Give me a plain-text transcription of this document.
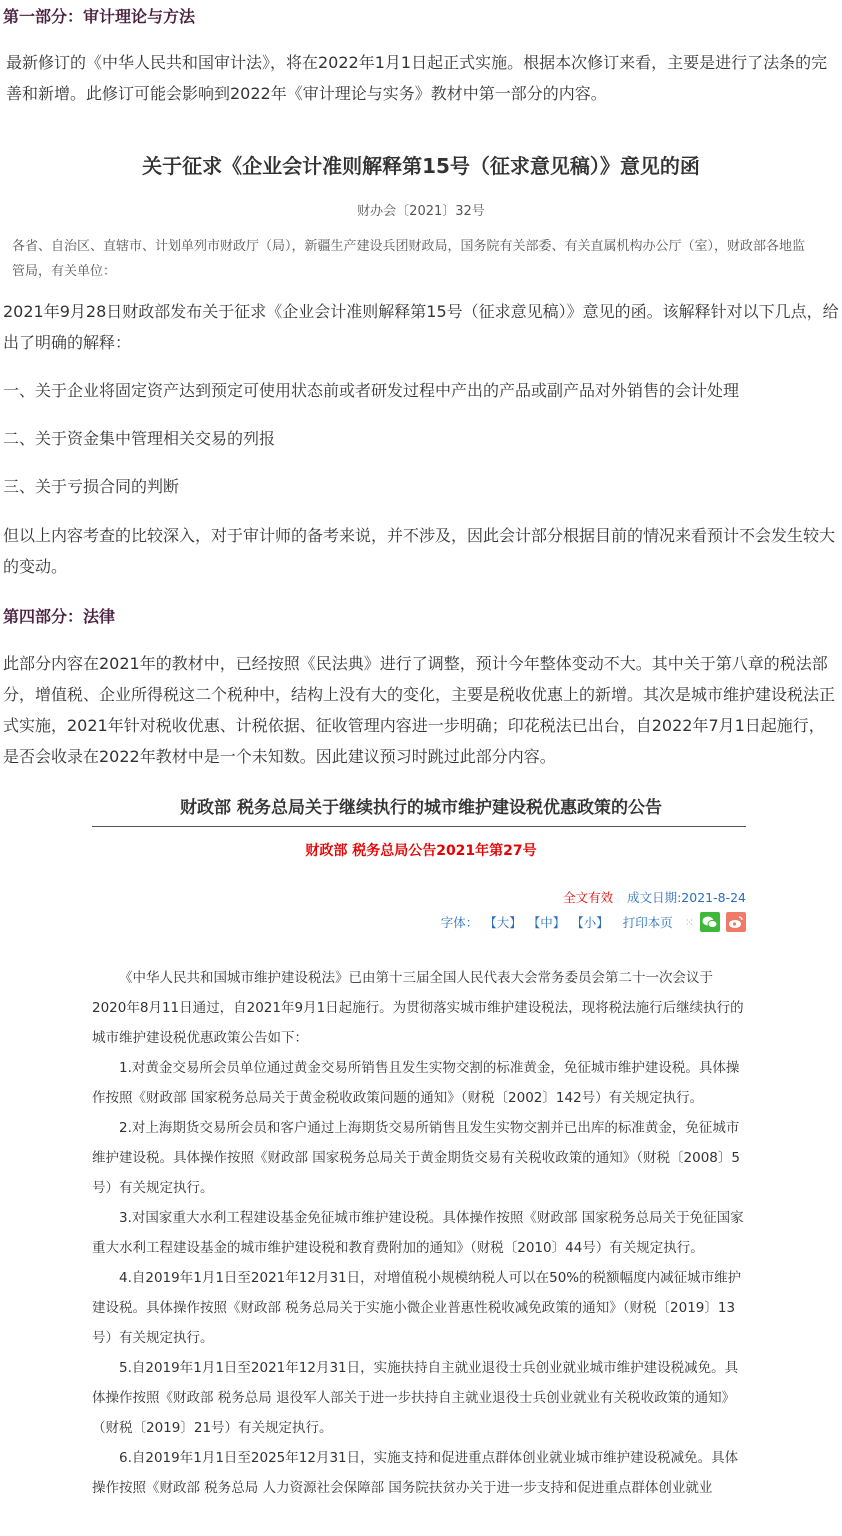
第一部分：审计理论与方法
最新修订的《中华人民共和国审计法》，将在2022年1月1日起正式实施。根据本次修订来看，主要是进行了法条的完善和新增。此修订可能会影响到2022年《审计理论与实务》教材中第一部分的内容。
关于征求《企业会计准则解释第15号（征求意见稿）》意见的函
财办会〔2021〕32号
各省、自治区、直辖市、计划单列市财政厅（局），新疆生产建设兵团财政局，国务院有关部委、有关直属机构办公厅（室），财政部各地监管局，有关单位：
2021年9月28日财政部发布关于征求《企业会计准则解释第15号（征求意见稿）》意见的函。该解释针对以下几点，给出了明确的解释：
一、关于企业将固定资产达到预定可使用状态前或者研发过程中产出的产品或副产品对外销售的会计处理
二、关于资金集中管理相关交易的列报
三、关于亏损合同的判断
但以上内容考查的比较深入，对于审计师的备考来说，并不涉及，因此会计部分根据目前的情况来看预计不会发生较大的变动。
第四部分：法律
此部分内容在2021年的教材中，已经按照《民法典》进行了调整，预计今年整体变动不大。其中关于第八章的税法部分，增值税、企业所得税这二个税种中，结构上没有大的变化，主要是税收优惠上的新增。其次是城市维护建设税法正式实施，2021年针对税收优惠、计税依据、征收管理内容进一步明确；印花税法已出台，自2022年7月1日起施行，是否会收录在2022年教材中是一个未知数。因此建议预习时跳过此部分内容。
财政部 税务总局关于继续执行的城市维护建设税优惠政策的公告
财政部 税务总局公告2021年第27号
全文有效 成文日期:2021-8-24
字体： 【大】 【中】 【小】 打印本页 ⁙

《中华人民共和国城市维护建设税法》已由第十三届全国人民代表大会常务委员会第二十一次会议于2020年8月11日通过，自2021年9月1日起施行。为贯彻落实城市维护建设税法，现将税法施行后继续执行的城市维护建设税优惠政策公告如下：

1.对黄金交易所会员单位通过黄金交易所销售且发生实物交割的标准黄金，免征城市维护建设税。具体操作按照《财政部 国家税务总局关于黄金税收政策问题的通知》（财税〔2002〕142号）有关规定执行。

2.对上海期货交易所会员和客户通过上海期货交易所销售且发生实物交割并已出库的标准黄金，免征城市维护建设税。具体操作按照《财政部 国家税务总局关于黄金期货交易有关税收政策的通知》（财税〔2008〕5号）有关规定执行。

3.对国家重大水利工程建设基金免征城市维护建设税。具体操作按照《财政部 国家税务总局关于免征国家重大水利工程建设基金的城市维护建设税和教育费附加的通知》（财税〔2010〕44号）有关规定执行。

4.自2019年1月1日至2021年12月31日，对增值税小规模纳税人可以在50%的税额幅度内减征城市维护建设税。具体操作按照《财政部 税务总局关于实施小微企业普惠性税收减免政策的通知》（财税〔2019〕13号）有关规定执行。

5.自2019年1月1日至2021年12月31日，实施扶持自主就业退役士兵创业就业城市维护建设税减免。具体操作按照《财政部 税务总局 退役军人部关于进一步扶持自主就业退役士兵创业就业有关税收政策的通知》（财税〔2019〕21号）有关规定执行。

6.自2019年1月1日至2025年12月31日，实施支持和促进重点群体创业就业城市维护建设税减免。具体操作按照《财政部 税务总局 人力资源社会保障部 国务院扶贫办关于进一步支持和促进重点群体创业就业
